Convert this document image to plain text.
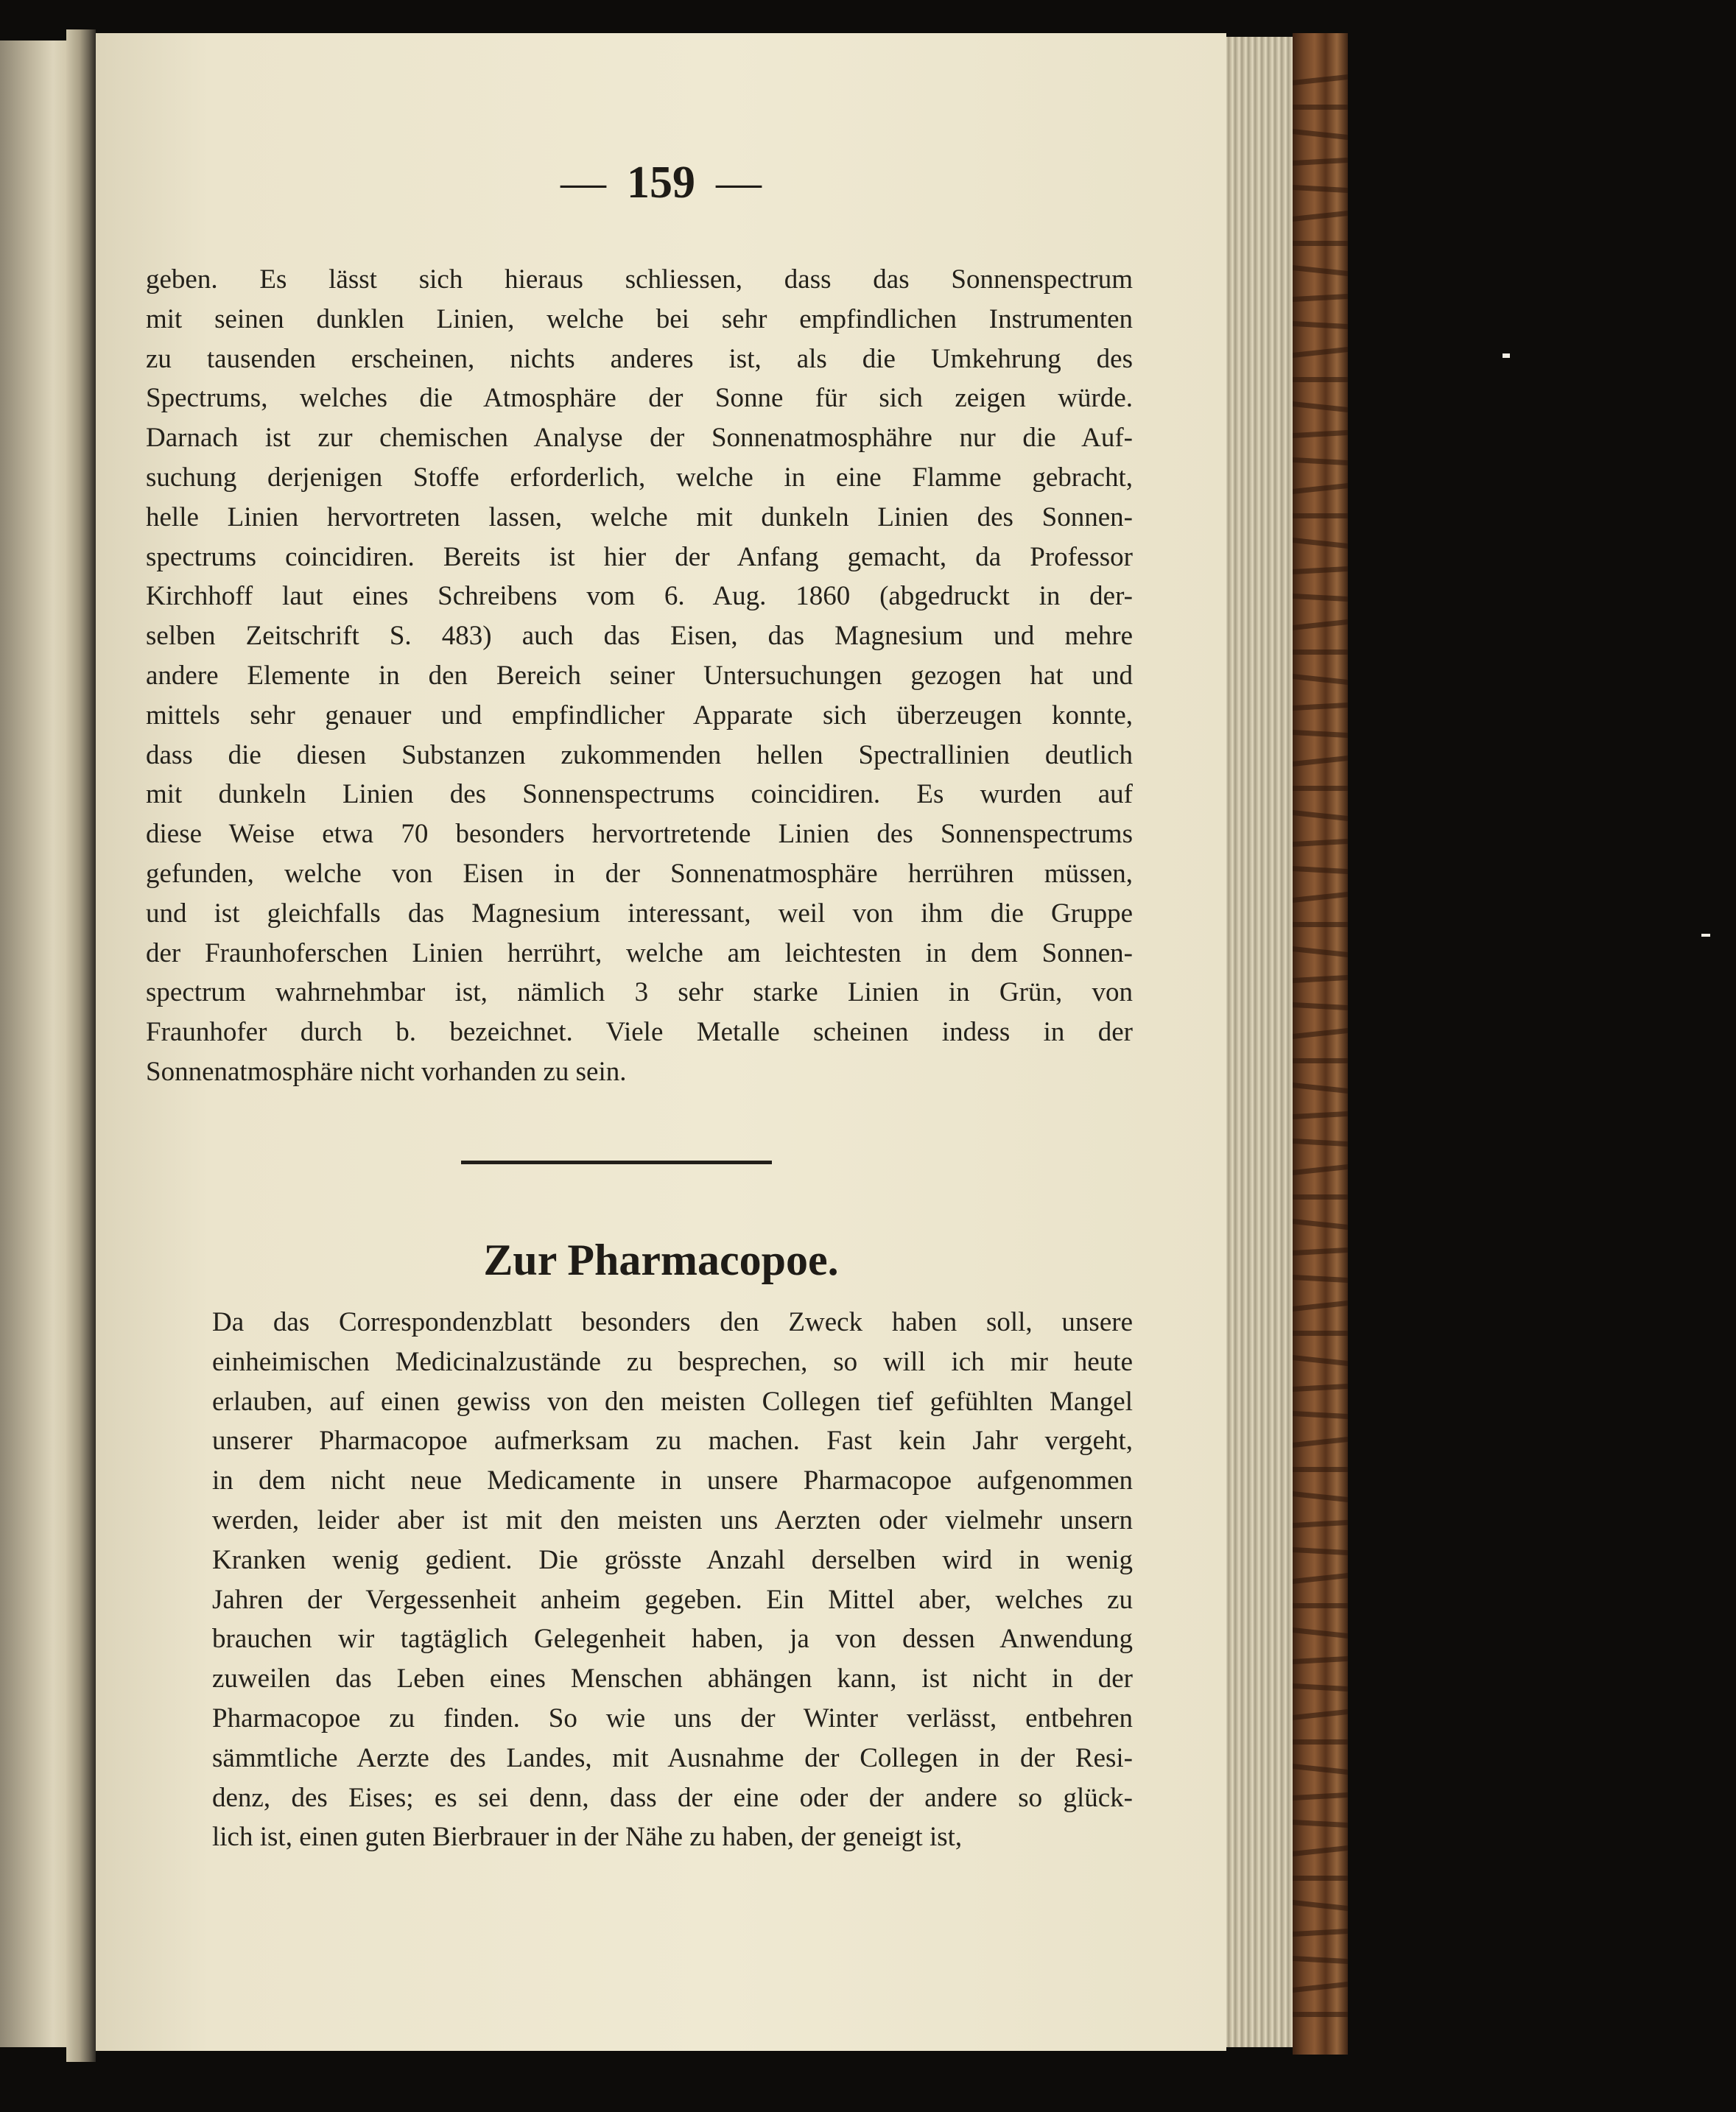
— 159 —
geben. Es lässt sich hieraus schliessen, dass das Sonnenspectrum
mit seinen dunklen Linien, welche bei sehr empfindlichen Instrumenten
zu tausenden erscheinen, nichts anderes ist, als die Umkehrung des
Spectrums, welches die Atmosphäre der Sonne für sich zeigen würde.
Darnach ist zur chemischen Analyse der Sonnenatmosphähre nur die Auf-
suchung derjenigen Stoffe erforderlich, welche in eine Flamme gebracht,
helle Linien hervortreten lassen, welche mit dunkeln Linien des Sonnen-
spectrums coincidiren. Bereits ist hier der Anfang gemacht, da Professor
Kirchhoff laut eines Schreibens vom 6. Aug. 1860 (abgedruckt in der-
selben Zeitschrift S. 483) auch das Eisen, das Magnesium und mehre
andere Elemente in den Bereich seiner Untersuchungen gezogen hat und
mittels sehr genauer und empfindlicher Apparate sich überzeugen konnte,
dass die diesen Substanzen zukommenden hellen Spectrallinien deutlich
mit dunkeln Linien des Sonnenspectrums coincidiren. Es wurden auf
diese Weise etwa 70 besonders hervortretende Linien des Sonnenspectrums
gefunden, welche von Eisen in der Sonnenatmosphäre herrühren müssen,
und ist gleichfalls das Magnesium interessant, weil von ihm die Gruppe
der Fraunhoferschen Linien herrührt, welche am leichtesten in dem Sonnen-
spectrum wahrnehmbar ist, nämlich 3 sehr starke Linien in Grün, von
Fraunhofer durch b. bezeichnet. Viele Metalle scheinen indess in der
Sonnenatmosphäre nicht vorhanden zu sein.
Zur Pharmacopoe.
Da das Correspondenzblatt besonders den Zweck haben soll, unsere
einheimischen Medicinalzustände zu besprechen, so will ich mir heute
erlauben, auf einen gewiss von den meisten Collegen tief gefühlten Mangel
unserer Pharmacopoe aufmerksam zu machen. Fast kein Jahr vergeht,
in dem nicht neue Medicamente in unsere Pharmacopoe aufgenommen
werden, leider aber ist mit den meisten uns Aerzten oder vielmehr unsern
Kranken wenig gedient. Die grösste Anzahl derselben wird in wenig
Jahren der Vergessenheit anheim gegeben. Ein Mittel aber, welches zu
brauchen wir tagtäglich Gelegenheit haben, ja von dessen Anwendung
zuweilen das Leben eines Menschen abhängen kann, ist nicht in der
Pharmacopoe zu finden. So wie uns der Winter verlässt, entbehren
sämmtliche Aerzte des Landes, mit Ausnahme der Collegen in der Resi-
denz, des Eises; es sei denn, dass der eine oder der andere so glück-
lich ist, einen guten Bierbrauer in der Nähe zu haben, der geneigt ist,
